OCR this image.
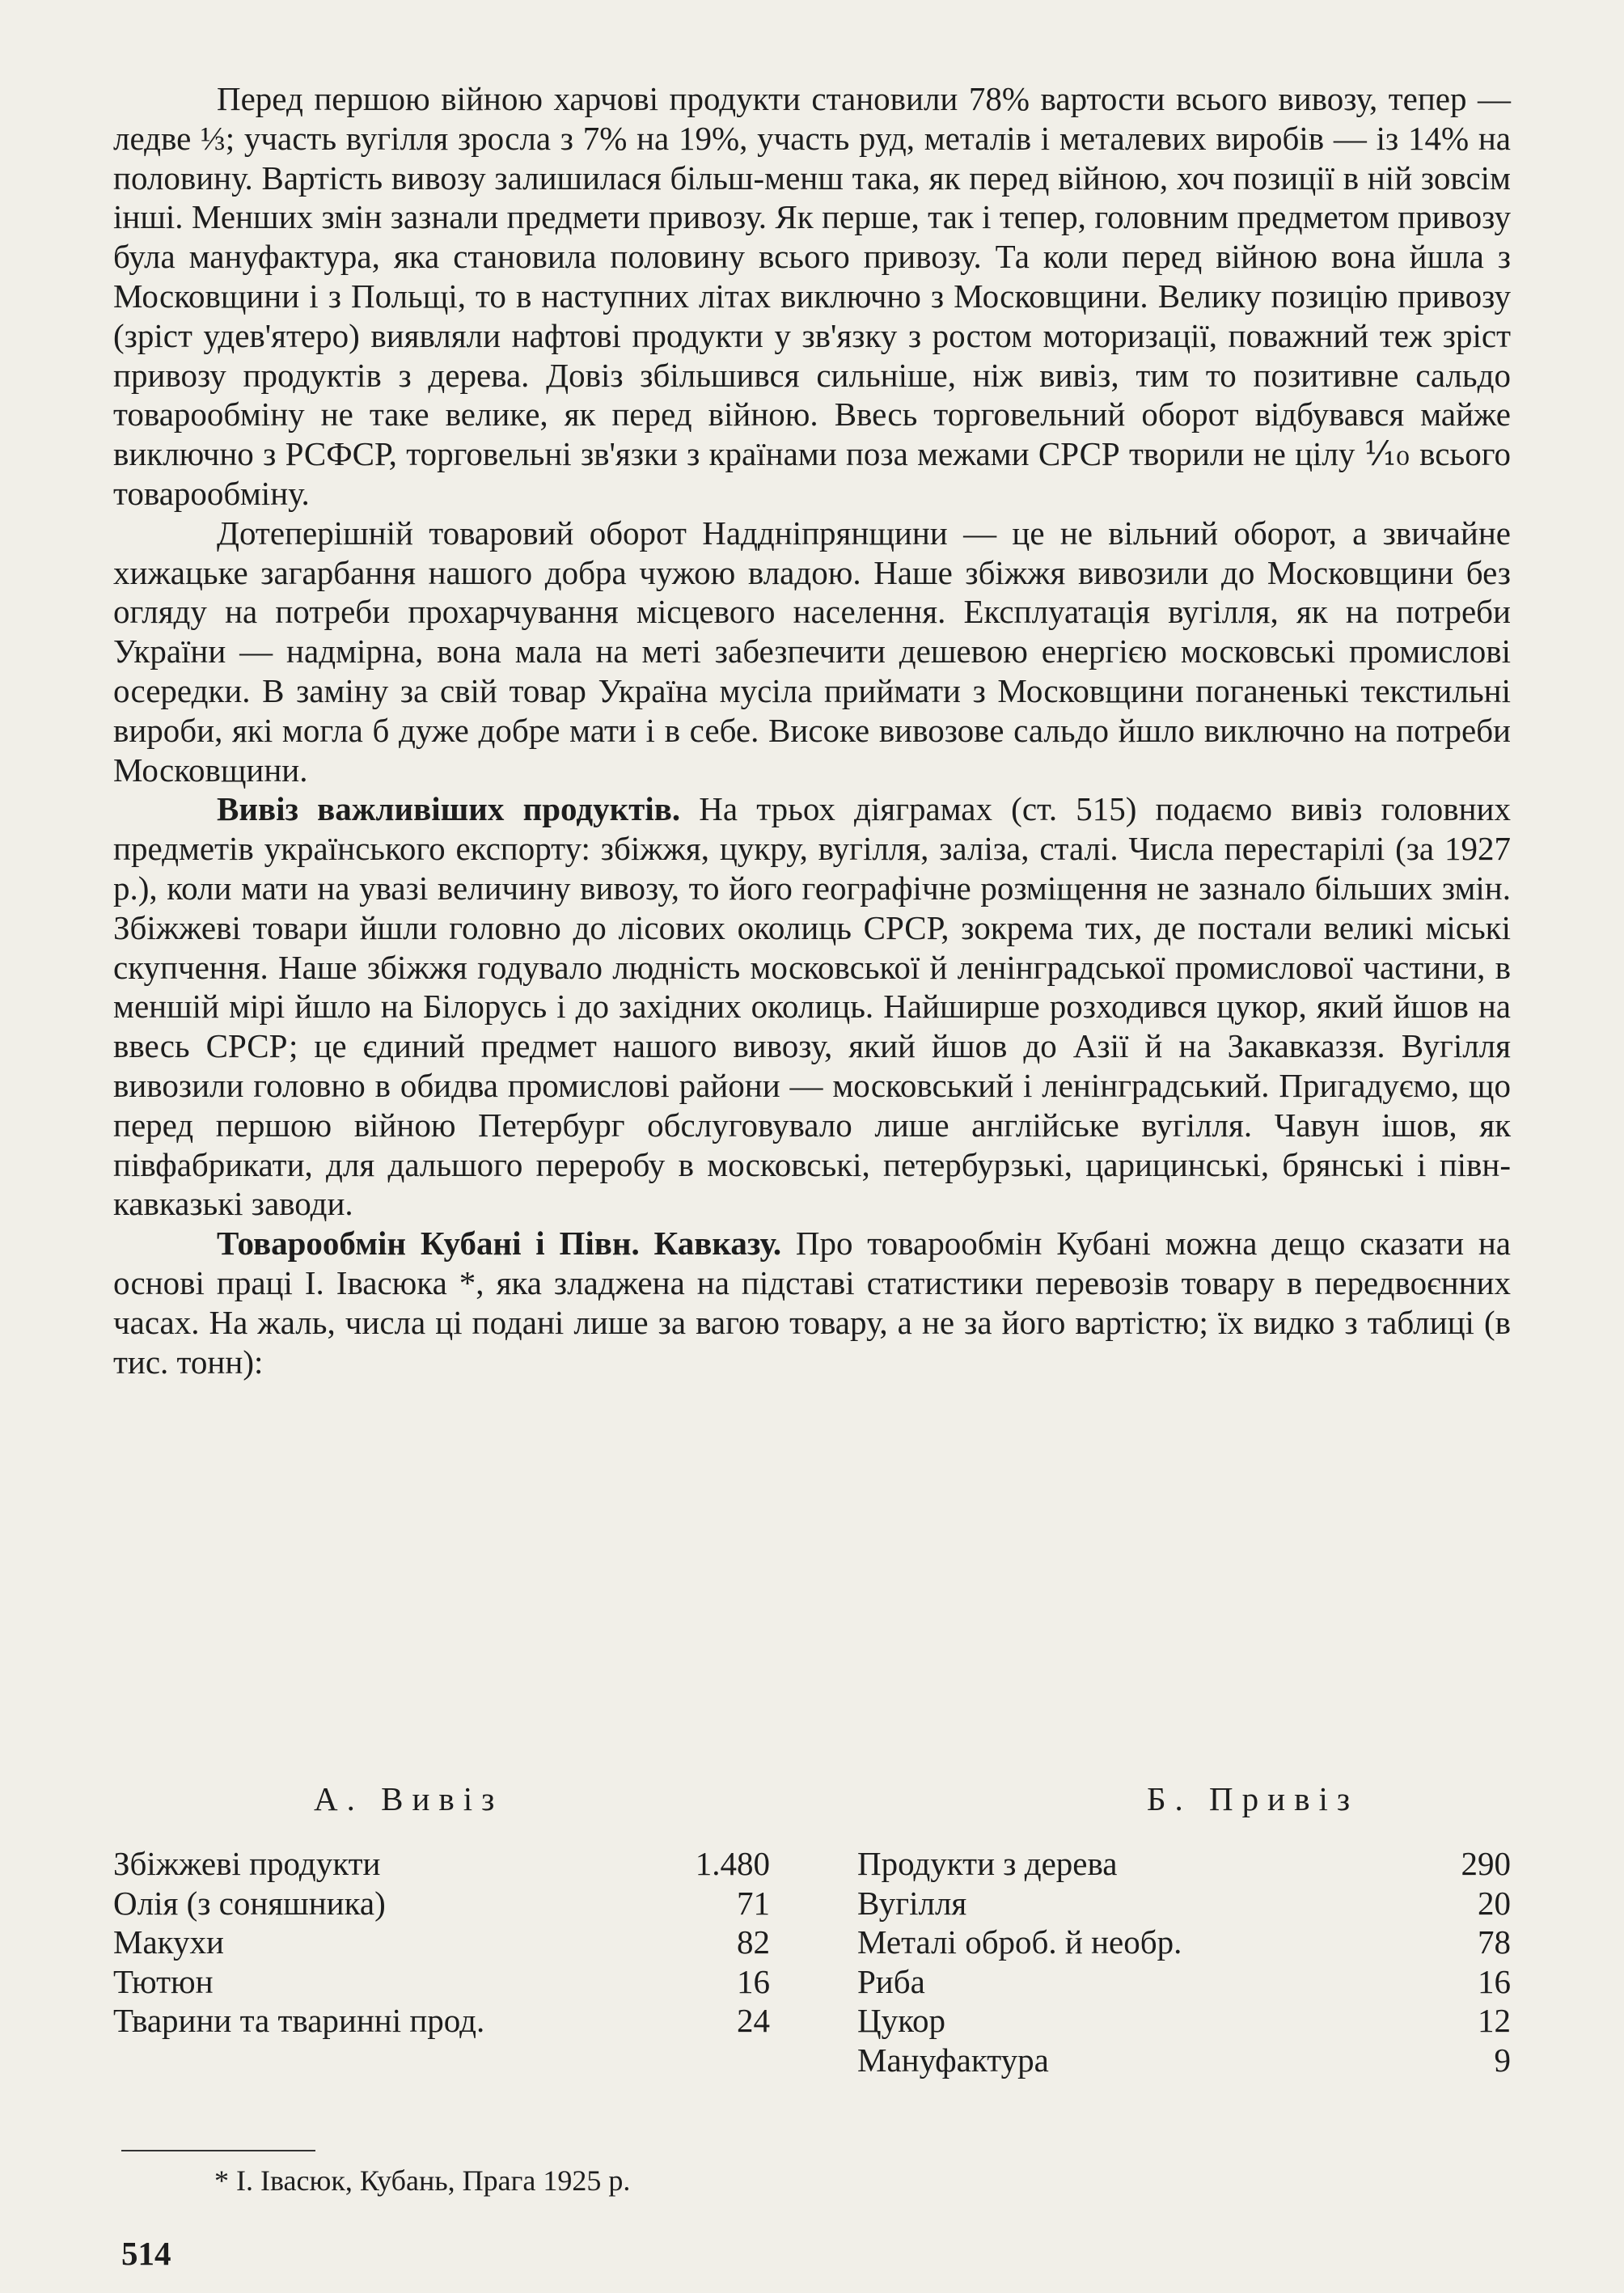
Перед першою війною харчові продукти становили 78% вартости всього вивозу, тепер — ледве ⅓; участь вугілля зросла з 7% на 19%, участь руд, металів і металевих виробів — із 14% на половину. Вартість вивозу залишилася більш-менш така, як перед війною, хоч позиції в ній зовсім інші. Менших змін зазнали предмети привозу. Як перше, так і тепер, головним предметом привозу була мануфактура, яка становила половину всього привозу. Та коли перед війною вона йшла з Московщини і з Польщі, то в наступних літах виключно з Московщини. Велику позицію привозу (зріст удев'ятеро) виявляли нафтові продукти у зв'язку з ростом моторизації, поважний теж зріст привозу продуктів з дерева. Довіз збільшився сильніше, ніж вивіз, тим то позитивне сальдо товарообміну не таке велике, як перед війною. Ввесь торговельний оборот відбувався майже виключно з РСФСР, торговельні зв'язки з країнами поза межами СРСР творили не цілу ⅒ всього товарообміну.

Дотеперішній товаровий оборот Наддніпрянщини — це не вільний оборот, а звичайне хижацьке загарбання нашого добра чужою владою. Наше збіжжя вивозили до Московщини без огляду на потреби прохарчування місцевого населення. Експлуатація вугілля, як на потреби України — надмірна, вона мала на меті забезпечити дешевою енергією московські промислові осередки. В заміну за свій товар Україна мусіла приймати з Московщини поганенькі текстильні вироби, які могла б дуже добре мати і в себе. Високе вивозове сальдо йшло виключно на потреби Московщини.

Вивіз важливіших продуктів. На трьох діяграмах (ст. 515) подаємо вивіз головних предметів українського експорту: збіжжя, цукру, вугілля, заліза, сталі. Числа перестарілі (за 1927 р.), коли мати на увазі величину вивозу, то його географічне розміщення не зазнало більших змін. Збіжжеві товари йшли головно до лісових околиць СРСР, зокрема тих, де постали великі міські скупчення. Наше збіжжя годувало людність московської й ленінградської промислової частини, в меншій мірі йшло на Білорусь і до західних околиць. Найширше розходився цукор, який йшов на ввесь СРСР; це єдиний предмет нашого вивозу, який йшов до Азії й на Закавказзя. Вугілля вивозили головно в обидва промислові райони — московський і ленінградський. Пригадуємо, що перед першою війною Петербург обслуговувало лише англійське вугілля. Чавун ішов, як півфабрикати, для дальшого переробу в московські, петербурзькі, царицинські, брянські і півн-кавказькі заводи.

Товарообмін Кубані і Півн. Кавказу. Про товарообмін Кубані можна дещо сказати на основі праці І. Івасюка *, яка зладжена на підставі статистики перевозів товару в передвоєнних часах. На жаль, числа ці подані лише за вагою товару, а не за його вартістю; їх видко з таблиці (в тис. тонн):

А. Вивіз
Збіжжеві продукти	1.480
Олія (з соняшника)	71
Макухи	82
Тютюн	16
Тварини та тваринні прод.	24
Б. Привіз
Продукти з дерева	290
Вугілля	20
Металі оброб. й необр.	78
Риба	16
Цукор	12
Мануфактура	9
* І. Івасюк, Кубань, Прага 1925 р.
514
